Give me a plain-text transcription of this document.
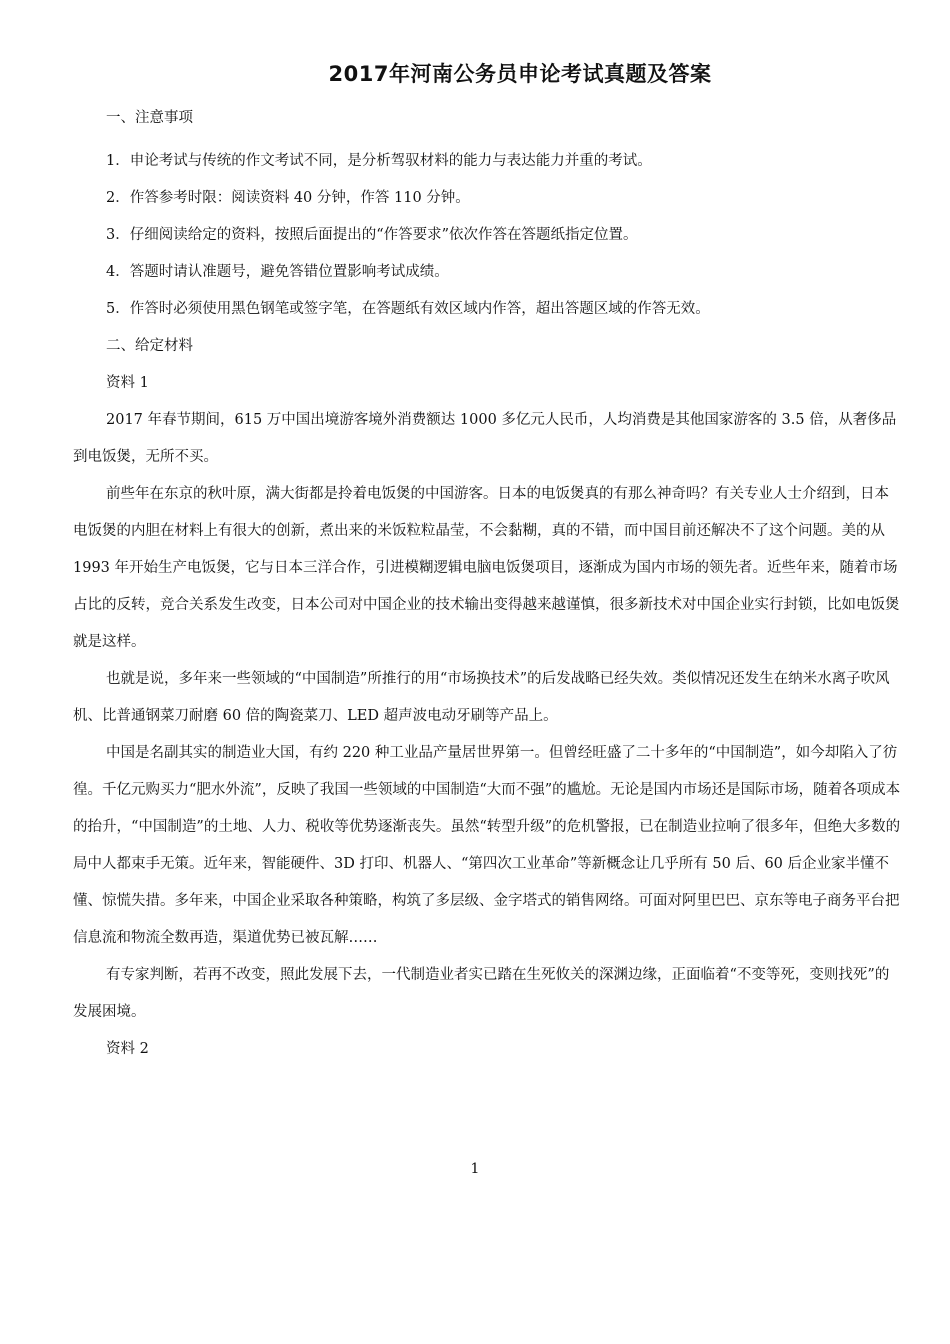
2017年河南公务员申论考试真题及答案

一、注意事项

1．申论考试与传统的作文考试不同，是分析驾驭材料的能力与表达能力并重的考试。

2．作答参考时限：阅读资料 40 分钟，作答 110 分钟。

3．仔细阅读给定的资料，按照后面提出的“作答要求”依次作答在答题纸指定位置。

4．答题时请认准题号，避免答错位置影响考试成绩。

5．作答时必须使用黑色钢笔或签字笔，在答题纸有效区域内作答，超出答题区域的作答无效。

二、给定材料

资料 1

2017 年春节期间，615 万中国出境游客境外消费额达 1000 多亿元人民币，人均消费是其他国家游客的 3.5 倍，从奢侈品到电饭煲，无所不买。

前些年在东京的秋叶原，满大街都是拎着电饭煲的中国游客。日本的电饭煲真的有那么神奇吗？有关专业人士介绍到，日本电饭煲的内胆在材料上有很大的创新，煮出来的米饭粒粒晶莹，不会黏糊，真的不错，而中国目前还解决不了这个问题。美的从 1993 年开始生产电饭煲，它与日本三洋合作，引进模糊逻辑电脑电饭煲项目，逐渐成为国内市场的领先者。近些年来，随着市场占比的反转，竞合关系发生改变，日本公司对中国企业的技术输出变得越来越谨慎，很多新技术对中国企业实行封锁，比如电饭煲就是这样。

也就是说，多年来一些领域的“中国制造”所推行的用“市场换技术”的后发战略已经失效。类似情况还发生在纳米水离子吹风机、比普通钢菜刀耐磨 60 倍的陶瓷菜刀、LED 超声波电动牙刷等产品上。

中国是名副其实的制造业大国，有约 220 种工业品产量居世界第一。但曾经旺盛了二十多年的“中国制造”，如今却陷入了彷徨。千亿元购买力“肥水外流”，反映了我国一些领域的中国制造“大而不强”的尴尬。无论是国内市场还是国际市场，随着各项成本的抬升，“中国制造”的土地、人力、税收等优势逐渐丧失。虽然“转型升级”的危机警报，已在制造业拉响了很多年，但绝大多数的局中人都束手无策。近年来，智能硬件、3D 打印、机器人、“第四次工业革命”等新概念让几乎所有 50 后、60 后企业家半懂不懂、惊慌失措。多年来，中国企业采取各种策略，构筑了多层级、金字塔式的销售网络。可面对阿里巴巴、京东等电子商务平台把信息流和物流全数再造，渠道优势已被瓦解……

有专家判断，若再不改变，照此发展下去，一代制造业者实已踏在生死攸关的深渊边缘，正面临着“不变等死，变则找死”的发展困境。

资料 2

1
